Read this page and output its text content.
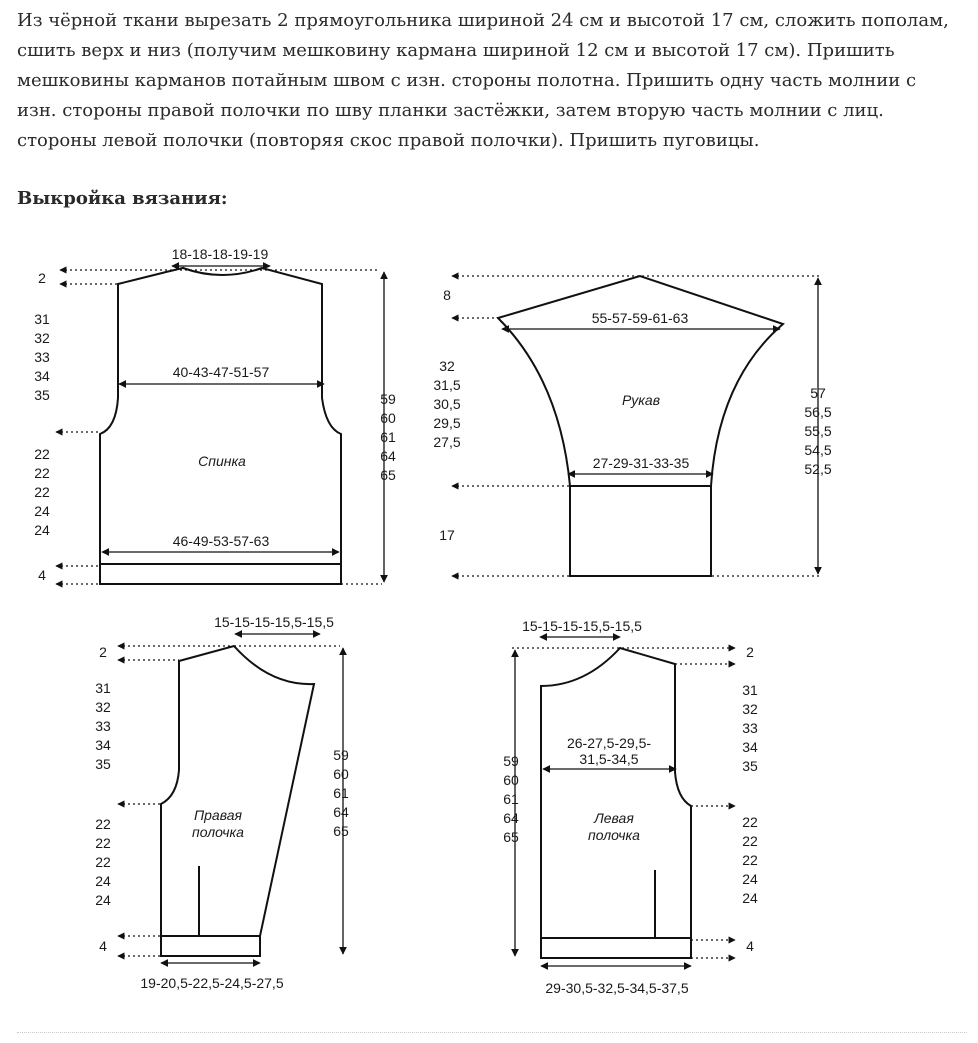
Из чёрной ткани вырезать 2 прямоугольника шириной 24 см и высотой 17 см, сложить пополам,
сшить верх и низ (получим мешковину кармана шириной 12 см и высотой 17 см). Пришить
мешковины карманов потайным швом с изн. стороны полотна. Пришить одну часть молнии с
изн. стороны правой полочки по шву планки застёжки, затем вторую часть молнии с лиц.
стороны левой полочки (повторяя скос правой полочки). Пришить пуговицы.
Выкройка вязания:
18-18-18-19-19
40-43-47-51-57
46-49-53-57-63
Спинка
2
31
32
33
34
35
22
22
22
24
24
4
59
60
61
64
65
55-57-59-61-63
Рукав
27-29-31-33-35
8
32
31,5
30,5
29,5
27,5
17
57
56,5
55,5
54,5
52,5
15-15-15-15,5-15,5
Правая
полочка
2
31
32
33
34
35
22
22
22
24
24
4
59
60
61
64
65
19-20,5-22,5-24,5-27,5
15-15-15-15,5-15,5
26-27,5-29,5-
31,5-34,5
Левая
полочка
2
59
60
61
64
65
31
32
33
34
35
22
22
22
24
24
4
29-30,5-32,5-34,5-37,5
